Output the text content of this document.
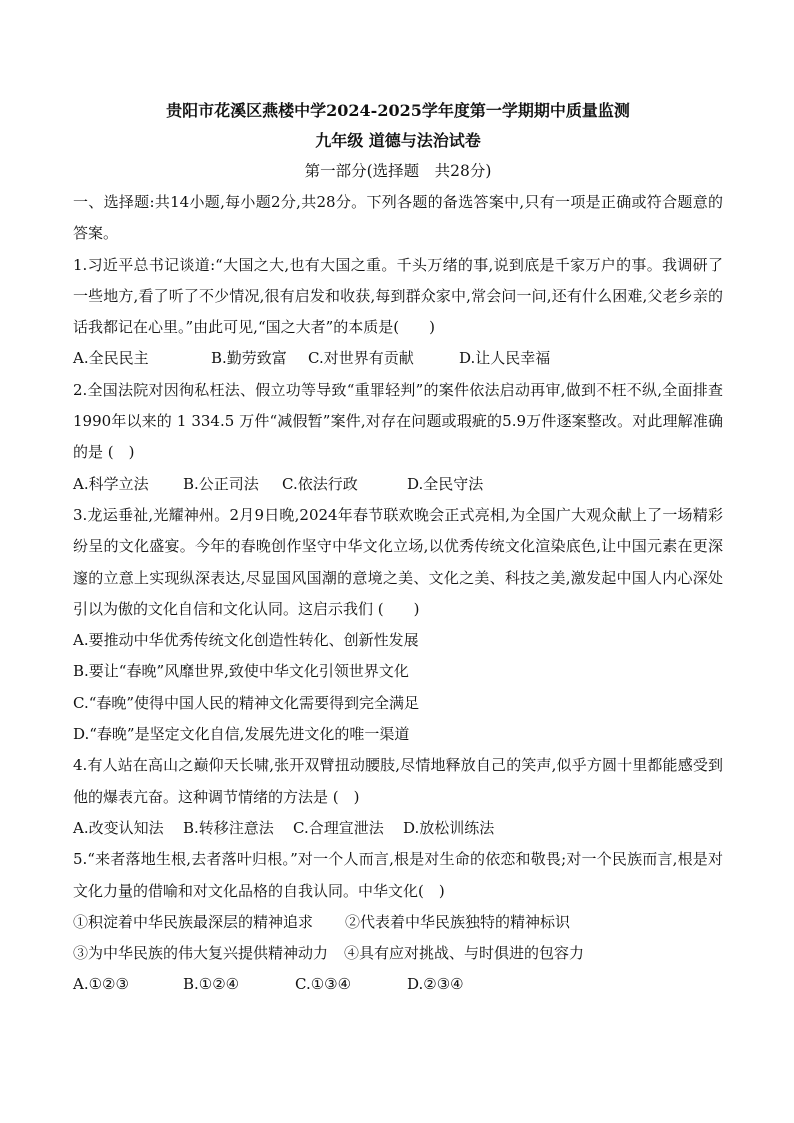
贵阳市花溪区燕楼中学2024-2025学年度第一学期期中质量监测
九年级 道德与法治试卷
第一部分(选择题　共28分)

一、选择题:共14小题,每小题2分,共28分。下列各题的备选答案中,只有一项是正确或符合题意的答案。

1.习近平总书记谈道:“大国之大,也有大国之重。千头万绪的事,说到底是千家万户的事。我调研了一些地方,看了听了不少情况,很有启发和收获,每到群众家中,常会问一问,还有什么困难,父老乡亲的话我都记在心里。”由此可见,“国之大者”的本质是(　　)

A.全民民主	B.勤劳致富	C.对世界有贡献	D.让人民幸福

2.全国法院对因徇私枉法、假立功等导致“重罪轻判”的案件依法启动再审,做到不枉不纵,全面排查 1990年以来的 1 334.5 万件“减假暂”案件,对存在问题或瑕疵的5.9万件逐案整改。对此理解准确的是 (　)

A.科学立法	B.公正司法	C.依法行政	D.全民守法

3.龙运垂祉,光耀神州。2月9日晚,2024年春节联欢晚会正式亮相,为全国广大观众献上了一场精彩纷呈的文化盛宴。今年的春晚创作坚守中华文化立场,以优秀传统文化渲染底色,让中国元素在更深邃的立意上实现纵深表达,尽显国风国潮的意境之美、文化之美、科技之美,激发起中国人内心深处引以为傲的文化自信和文化认同。这启示我们 (　　)

A.要推动中华优秀传统文化创造性转化、创新性发展
B.要让“春晚”风靡世界,致使中华文化引领世界文化
C.“春晚”使得中国人民的精神文化需要得到完全满足
D.“春晚”是坚定文化自信,发展先进文化的唯一渠道

4.有人站在高山之巅仰天长啸,张开双臂扭动腰肢,尽情地释放自己的笑声,似乎方圆十里都能感受到他的爆表亢奋。这种调节情绪的方法是 (　)

A.改变认知法	B.转移注意法	C.合理宣泄法	D.放松训练法

5.“来者落地生根,去者落叶归根。”对一个人而言,根是对生命的依恋和敬畏;对一个民族而言,根是对文化力量的借喻和对文化品格的自我认同。中华文化(　)

①积淀着中华民族最深层的精神追求	②代表着中华民族独特的精神标识
③为中华民族的伟大复兴提供精神动力	④具有应对挑战、与时俱进的包容力
A.①②③	B.①②④	C.①③④	D.②③④
